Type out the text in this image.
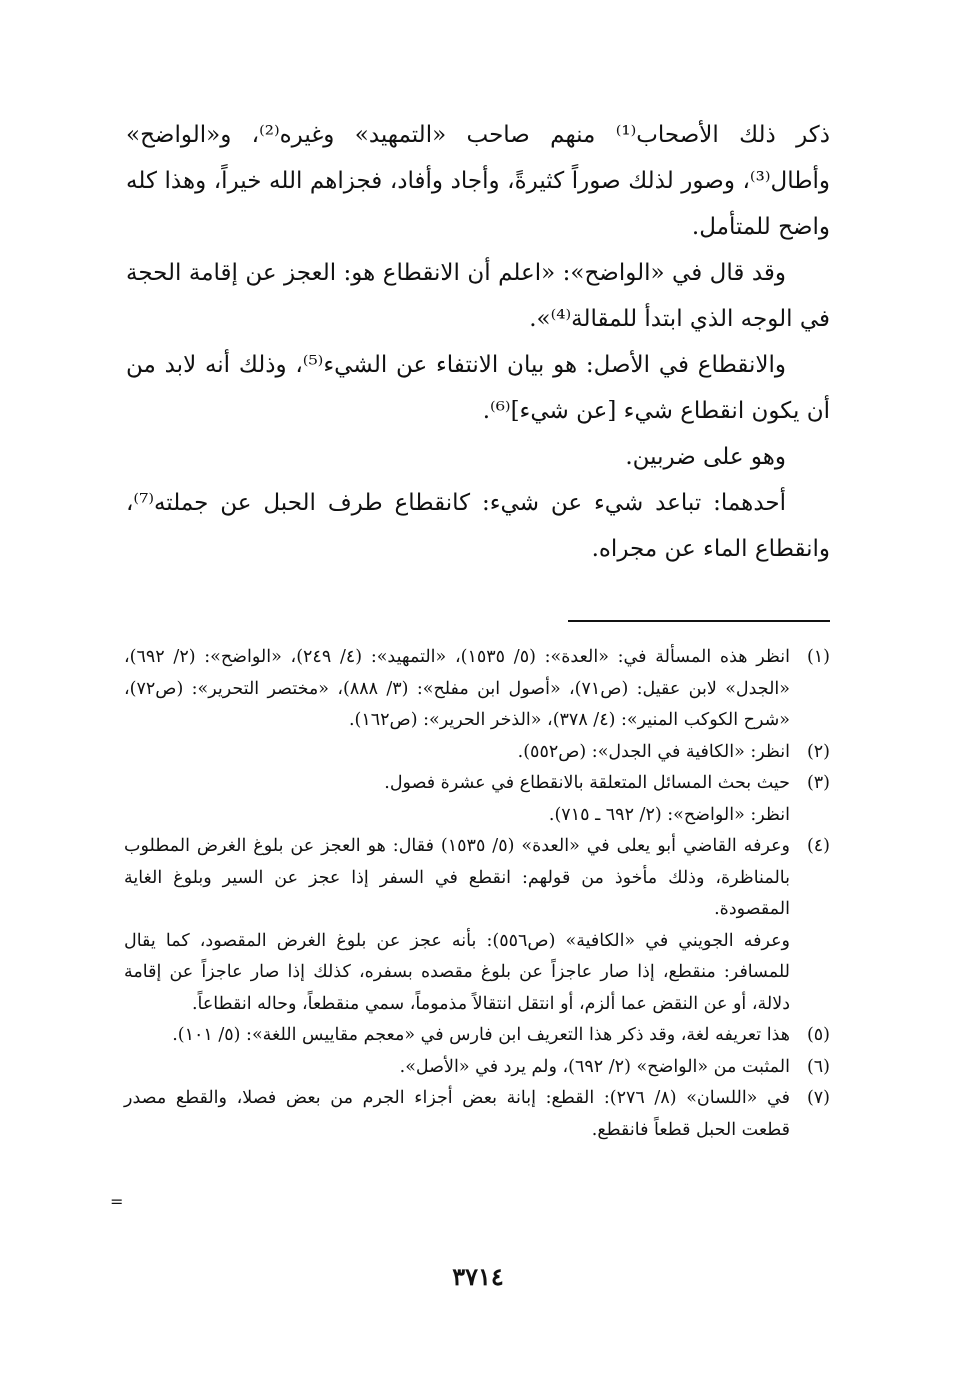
ذكر ذلك الأصحاب⁽¹⁾ منهم صاحب «التمهيد» وغيره⁽²⁾، و«الواضح» وأطال⁽³⁾، وصور لذلك صوراً كثيرةً، وأجاد وأفاد، فجزاهم الله خيراً، وهذا كله واضح للمتأمل.

وقد قال في «الواضح»: «اعلم أن الانقطاع هو: العجز عن إقامة الحجة في الوجه الذي ابتدأ للمقالة⁽⁴⁾».

والانقطاع في الأصل: هو بيان الانتفاء عن الشيء⁽⁵⁾، وذلك أنه لابد من أن يكون انقطاع شيء [عن شيء]⁽⁶⁾.

وهو على ضربين.

أحدهما: تباعد شيء عن شيء: كانقطاع طرف الحبل عن جملته⁽⁷⁾، وانقطاع الماء عن مجراه.

(١)
انظر هذه المسألة في: «العدة»: (٥/ ١٥٣٥)، «التمهيد»: (٤/ ٢٤٩)، «الواضح»: (٢/ ٦٩٢)، «الجدل» لابن عقيل: (ص٧١)، «أصول ابن مفلح»: (٣/ ٨٨٨)، «مختصر التحرير»: (ص٧٢)، «شرح الكوكب المنير»: (٤/ ٣٧٨)، «الذخر الحرير»: (ص١٦٢).
(٢)
انظر: «الكافية في الجدل»: (ص٥٥٢).
(٣)
حيث بحث المسائل المتعلقة بالانقطاع في عشرة فصول.

انظر: «الواضح»: (٢/ ٦٩٢ ـ ٧١٥).

(٤)
وعرفه القاضي أبو يعلى في «العدة» (٥/ ١٥٣٥) فقال: هو العجز عن بلوغ الغرض المطلوب بالمناظرة، وذلك مأخوذ من قولهم: انقطع في السفر إذا عجز عن السير وبلوغ الغاية المقصودة.

وعرفه الجويني في «الكافية» (ص٥٥٦): بأنه عجز عن بلوغ الغرض المقصود، كما يقال للمسافر: منقطع، إذا صار عاجزاً عن بلوغ مقصده بسفره، كذلك إذا صار عاجزاً عن إقامة دلالة، أو عن النقض عما ألزم، أو انتقل انتقالاً مذموماً، سمي منقطعاً، وحاله انقطاعاً.

(٥)
هذا تعريفه لغة، وقد ذكر هذا التعريف ابن فارس في «معجم مقاييس اللغة»: (٥/ ١٠١).
(٦)
المثبت من «الواضح» (٢/ ٦٩٢)، ولم يرد في «الأصل».
(٧)
في «اللسان» (٨/ ٢٧٦): القطع: إبانة بعض أجزاء الجرم من بعض فصلا، والقطع مصدر قطعت الحبل قطعاً فانقطع.
=
٣٧١٤
